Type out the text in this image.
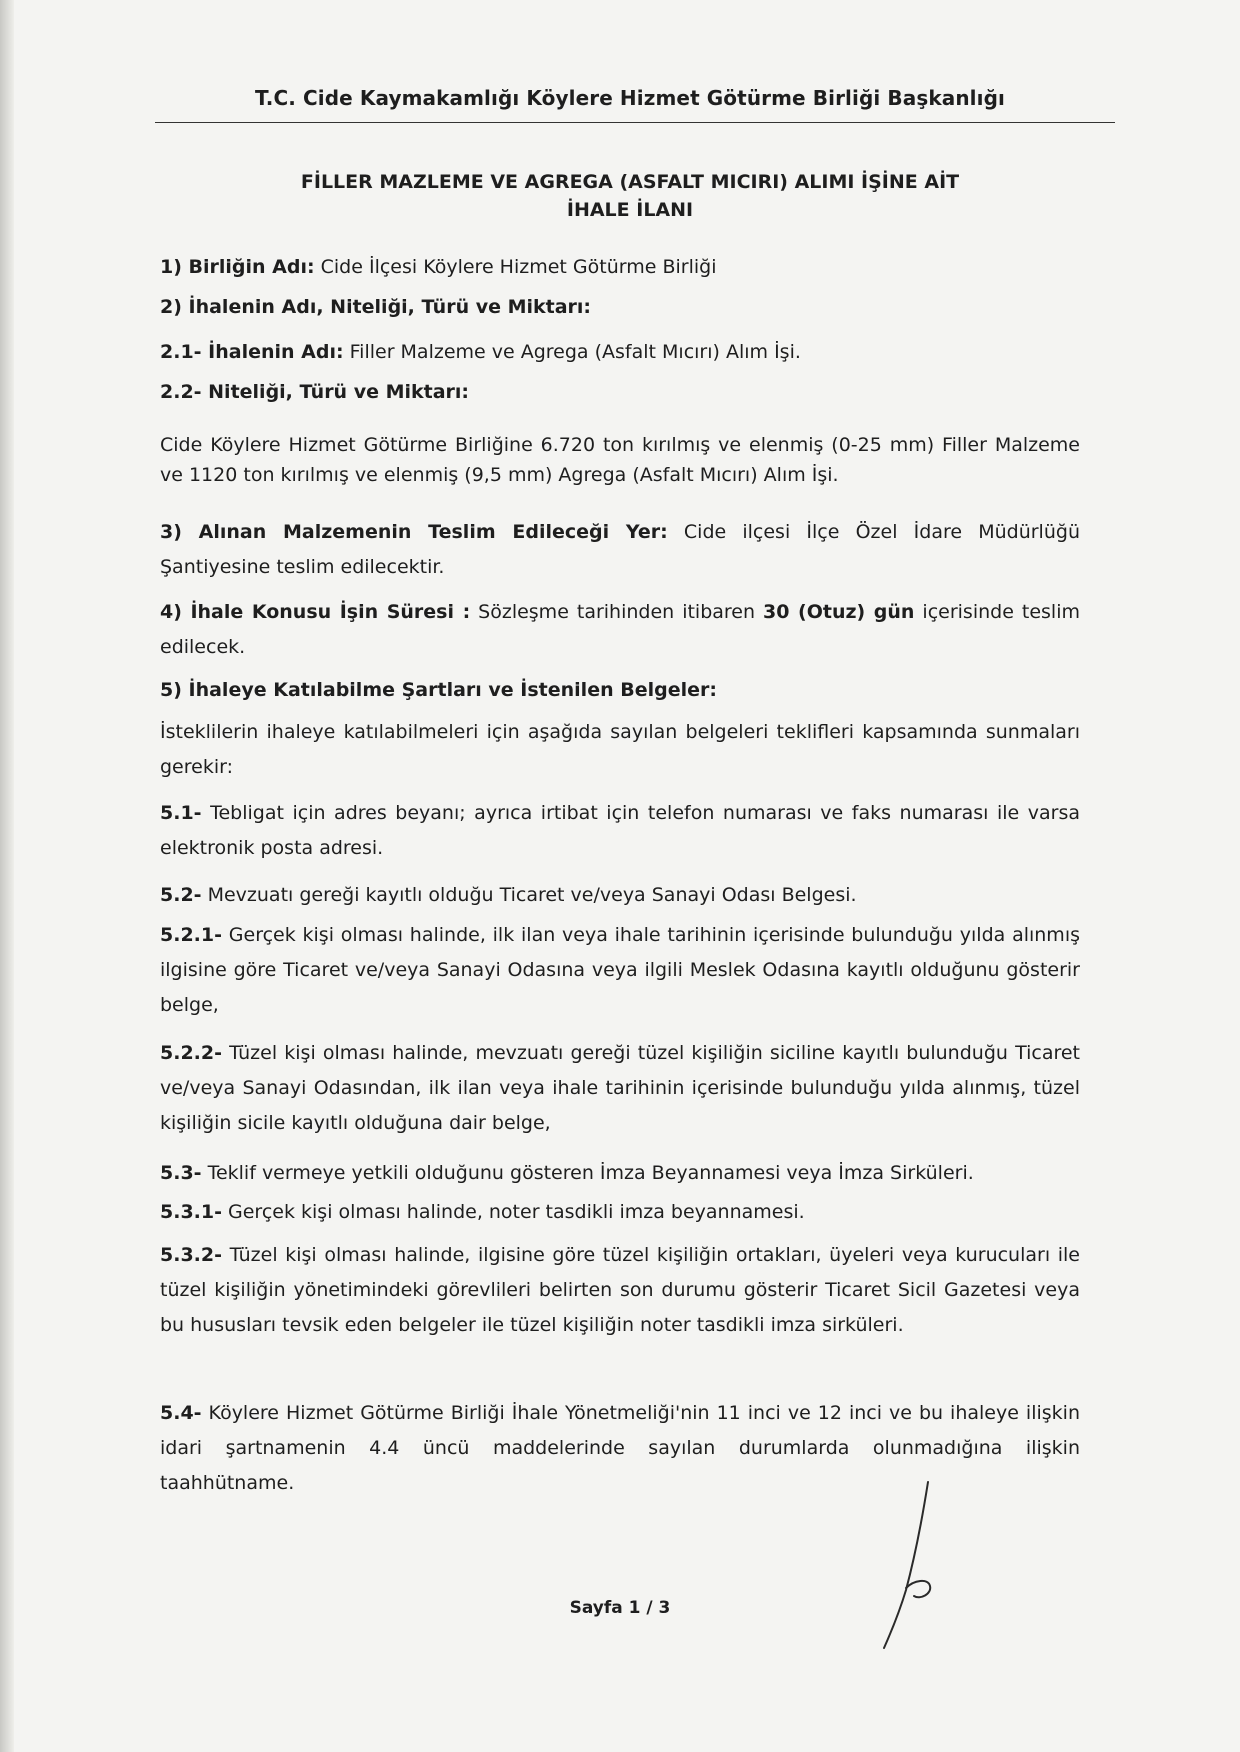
T.C. Cide Kaymakamlığı Köylere Hizmet Götürme Birliği Başkanlığı
FİLLER MAZLEME VE AGREGA (ASFALT MICIRI) ALIMI İŞİNE AİT
İHALE İLANI
1) Birliğin Adı: Cide İlçesi Köylere Hizmet Götürme Birliği
2) İhalenin Adı, Niteliği, Türü ve Miktarı:
2.1- İhalenin Adı: Filler Malzeme ve Agrega (Asfalt Mıcırı) Alım İşi.
2.2- Niteliği, Türü ve Miktarı:
Cide Köylere Hizmet Götürme Birliğine 6.720 ton kırılmış ve elenmiş (0-25 mm) Filler Malzeme ve 1120 ton kırılmış ve elenmiş (9,5 mm) Agrega (Asfalt Mıcırı) Alım İşi.
3) Alınan Malzemenin Teslim Edileceği Yer: Cide ilçesi İlçe Özel İdare Müdürlüğü Şantiyesine teslim edilecektir.
4) İhale Konusu İşin Süresi : Sözleşme tarihinden itibaren 30 (Otuz) gün içerisinde teslim edilecek.
5) İhaleye Katılabilme Şartları ve İstenilen Belgeler:
İsteklilerin ihaleye katılabilmeleri için aşağıda sayılan belgeleri teklifleri kapsamında sunmaları gerekir:
5.1- Tebligat için adres beyanı; ayrıca irtibat için telefon numarası ve faks numarası ile varsa elektronik posta adresi.
5.2- Mevzuatı gereği kayıtlı olduğu Ticaret ve/veya Sanayi Odası Belgesi.
5.2.1- Gerçek kişi olması halinde, ilk ilan veya ihale tarihinin içerisinde bulunduğu yılda alınmış ilgisine göre Ticaret ve/veya Sanayi Odasına veya ilgili Meslek Odasına kayıtlı olduğunu gösterir belge,
5.2.2- Tüzel kişi olması halinde, mevzuatı gereği tüzel kişiliğin siciline kayıtlı bulunduğu Ticaret ve/veya Sanayi Odasından, ilk ilan veya ihale tarihinin içerisinde bulunduğu yılda alınmış, tüzel kişiliğin sicile kayıtlı olduğuna dair belge,
5.3- Teklif vermeye yetkili olduğunu gösteren İmza Beyannamesi veya İmza Sirküleri.
5.3.1- Gerçek kişi olması halinde, noter tasdikli imza beyannamesi.
5.3.2- Tüzel kişi olması halinde, ilgisine göre tüzel kişiliğin ortakları, üyeleri veya kurucuları ile tüzel kişiliğin yönetimindeki görevlileri belirten son durumu gösterir Ticaret Sicil Gazetesi veya bu hususları tevsik eden belgeler ile tüzel kişiliğin noter tasdikli imza sirküleri.
5.4- Köylere Hizmet Götürme Birliği İhale Yönetmeliği'nin 11 inci ve 12 inci ve bu ihaleye ilişkin idari şartnamenin 4.4 üncü maddelerinde sayılan durumlarda olunmadığına ilişkin taahhütname.
Sayfa 1 / 3
